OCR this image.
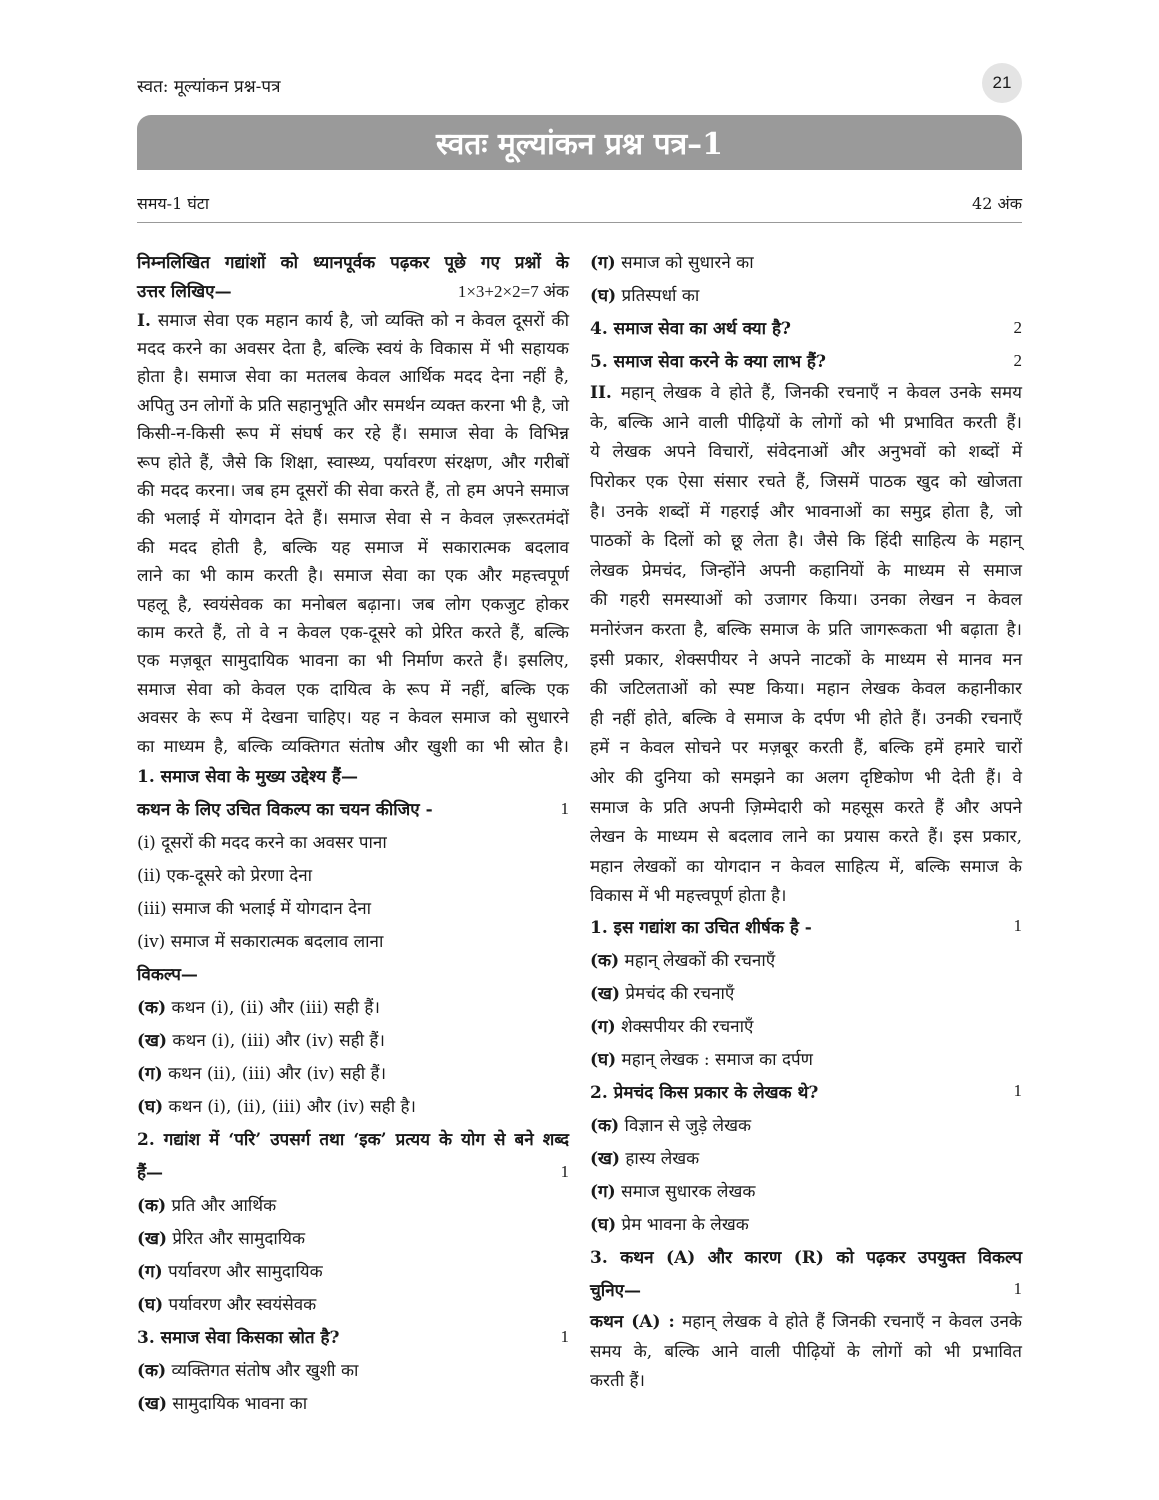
स्वत: मूल्यांकन प्रश्न-पत्र	21
स्वतः मूल्यांकन प्रश्न पत्र–1
समय-1 घंटा	42 अंक
निम्नलिखित गद्यांशों को ध्यानपूर्वक पढ़कर पूछे गए प्रश्नों के
उत्तर लिखिए—	1×3+2×2=7 अंक
I. समाज सेवा एक महान कार्य है, जो व्यक्ति को न केवल दूसरों की
मदद करने का अवसर देता है, बल्कि स्वयं के विकास में भी सहायक
होता है। समाज सेवा का मतलब केवल आर्थिक मदद देना नहीं है,
अपितु उन लोगों के प्रति सहानुभूति और समर्थन व्यक्त करना भी है, जो
किसी-न-किसी रूप में संघर्ष कर रहे हैं। समाज सेवा के विभिन्न
रूप होते हैं, जैसे कि शिक्षा, स्वास्थ्य, पर्यावरण संरक्षण, और गरीबों
की मदद करना। जब हम दूसरों की सेवा करते हैं, तो हम अपने समाज
की भलाई में योगदान देते हैं। समाज सेवा से न केवल ज़रूरतमंदों
की मदद होती है, बल्कि यह समाज में सकारात्मक बदलाव
लाने का भी काम करती है। समाज सेवा का एक और महत्त्वपूर्ण
पहलू है, स्वयंसेवक का मनोबल बढ़ाना। जब लोग एकजुट होकर
काम करते हैं, तो वे न केवल एक-दूसरे को प्रेरित करते हैं, बल्कि
एक मज़बूत सामुदायिक भावना का भी निर्माण करते हैं। इसलिए,
समाज सेवा को केवल एक दायित्व के रूप में नहीं, बल्कि एक
अवसर के रूप में देखना चाहिए। यह न केवल समाज को सुधारने
का माध्यम है, बल्कि व्यक्तिगत संतोष और खुशी का भी स्रोत है।
1. समाज सेवा के मुख्य उद्देश्य हैं—
कथन के लिए उचित विकल्प का चयन कीजिए -	1
(i) दूसरों की मदद करने का अवसर पाना
(ii) एक-दूसरे को प्रेरणा देना
(iii) समाज की भलाई में योगदान देना
(iv) समाज में सकारात्मक बदलाव लाना
विकल्प—
(क) कथन (i), (ii) और (iii) सही हैं।
(ख) कथन (i), (iii) और (iv) सही हैं।
(ग) कथन (ii), (iii) और (iv) सही हैं।
(घ) कथन (i), (ii), (iii) और (iv) सही है।
2. गद्यांश में ‘परि’ उपसर्ग तथा ‘इक’ प्रत्यय के योग से बने शब्द
हैं—	1
(क) प्रति और आर्थिक
(ख) प्रेरित और सामुदायिक
(ग) पर्यावरण और सामुदायिक
(घ) पर्यावरण और स्वयंसेवक
3. समाज सेवा किसका स्रोत है?	1
(क) व्यक्तिगत संतोष और खुशी का
(ख) सामुदायिक भावना का
(ग) समाज को सुधारने का
(घ) प्रतिस्पर्धा का
4. समाज सेवा का अर्थ क्या है?	2
5. समाज सेवा करने के क्या लाभ हैं?	2
II. महान् लेखक वे होते हैं, जिनकी रचनाएँ न केवल उनके समय
के, बल्कि आने वाली पीढ़ियों के लोगों को भी प्रभावित करती हैं।
ये लेखक अपने विचारों, संवेदनाओं और अनुभवों को शब्दों में
पिरोकर एक ऐसा संसार रचते हैं, जिसमें पाठक खुद को खोजता
है। उनके शब्दों में गहराई और भावनाओं का समुद्र होता है, जो
पाठकों के दिलों को छू लेता है। जैसे कि हिंदी साहित्य के महान्
लेखक प्रेमचंद, जिन्होंने अपनी कहानियों के माध्यम से समाज
की गहरी समस्याओं को उजागर किया। उनका लेखन न केवल
मनोरंजन करता है, बल्कि समाज के प्रति जागरूकता भी बढ़ाता है।
इसी प्रकार, शेक्सपीयर ने अपने नाटकों के माध्यम से मानव मन
की जटिलताओं को स्पष्ट किया। महान लेखक केवल कहानीकार
ही नहीं होते, बल्कि वे समाज के दर्पण भी होते हैं। उनकी रचनाएँ
हमें न केवल सोचने पर मज़बूर करती हैं, बल्कि हमें हमारे चारों
ओर की दुनिया को समझने का अलग दृष्टिकोण भी देती हैं। वे
समाज के प्रति अपनी ज़िम्मेदारी को महसूस करते हैं और अपने
लेखन के माध्यम से बदलाव लाने का प्रयास करते हैं। इस प्रकार,
महान लेखकों का योगदान न केवल साहित्य में, बल्कि समाज के
विकास में भी महत्त्वपूर्ण होता है।
1. इस गद्यांश का उचित शीर्षक है -	1
(क) महान् लेखकों की रचनाएँ
(ख) प्रेमचंद की रचनाएँ
(ग) शेक्सपीयर की रचनाएँ
(घ) महान् लेखक : समाज का दर्पण
2. प्रेमचंद किस प्रकार के लेखक थे?	1
(क) विज्ञान से जुड़े लेखक
(ख) हास्य लेखक
(ग) समाज सुधारक लेखक
(घ) प्रेम भावना के लेखक
3. कथन (A) और कारण (R) को पढ़कर उपयुक्त विकल्प
चुनिए—	1
कथन (A) : महान् लेखक वे होते हैं जिनकी रचनाएँ न केवल उनके
समय के, बल्कि आने वाली पीढ़ियों के लोगों को भी प्रभावित
करती हैं।
